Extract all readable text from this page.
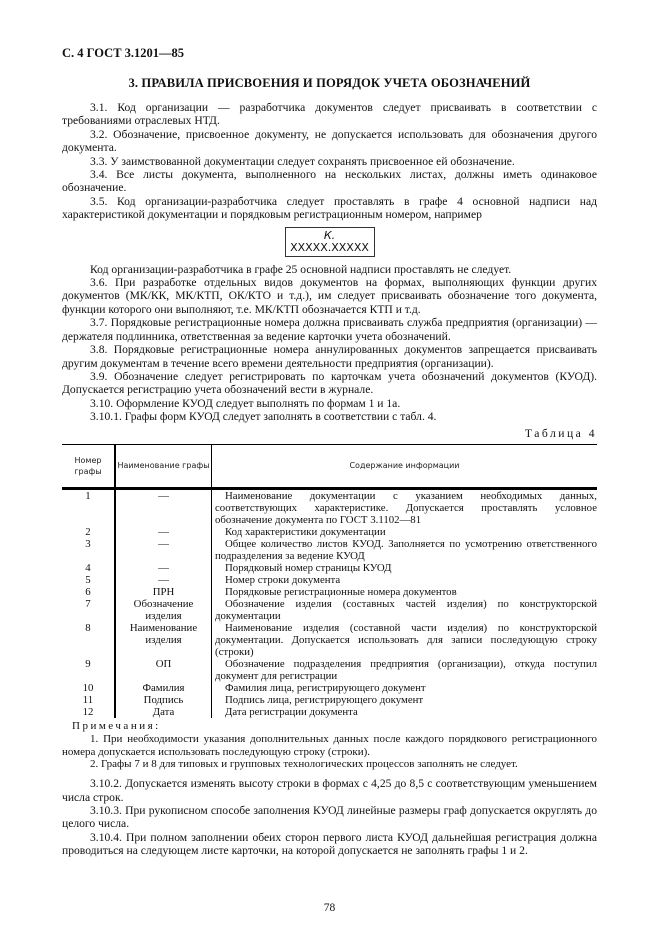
С. 4 ГОСТ 3.1201—85
3. ПРАВИЛА ПРИСВОЕНИЯ И ПОРЯДОК УЧЕТА ОБОЗНАЧЕНИЙ

3.1. Код организации — разработчика документов следует присваивать в соответствии с требованиями отраслевых НТД.

3.2. Обозначение, присвоенное документу, не допускается использовать для обозначения другого документа.

3.3. У заимствованной документации следует сохранять присвоенное ей обозначение.

3.4. Все листы документа, выполненного на нескольких листах, должны иметь одинаковое обозначение.

3.5. Код организации-разработчика следует проставлять в графе 4 основной надписи над характеристикой документации и порядковым регистрационным номером, например

К.
XXXXX.XXXXX

Код организации-разработчика в графе 25 основной надписи проставлять не следует.

3.6. При разработке отдельных видов документов на формах, выполняющих функции других документов (МК/КК, МК/КТП, ОК/КТО и т.д.), им следует присваивать обозначение того документа, функции которого они выполняют, т.е. МК/КТП обозначается КТП и т.д.

3.7. Порядковые регистрационные номера должна присваивать служба предприятия (организации) — держателя подлинника, ответственная за ведение карточки учета обозначений.

3.8. Порядковые регистрационные номера аннулированных документов запрещается присваивать другим документам в течение всего времени деятельности предприятия (организации).

3.9. Обозначение следует регистрировать по карточкам учета обозначений документов (КУОД). Допускается регистрацию учета обозначений вести в журнале.

3.10. Оформление КУОД следует выполнять по формам 1 и 1а.

3.10.1. Графы форм КУОД следует заполнять в соответствии с табл. 4.

Таблица 4
Номер графы	Наименование графы	Содержание информации
1	—	Наименование документации с указанием необходимых данных, соответствующих характеристике. Допускается проставлять условное обозначение документа по ГОСТ 3.1102—81

2	—	Код характеристики документации

3	—	Общее количество листов КУОД. Заполняется по усмотрению ответственного подразделения за ведение КУОД

4	—	Порядковый номер страницы КУОД

5	—	Номер строки документа

6	ПРН	Порядковые регистрационные номера документов

7	Обозначение изделия	Обозначение изделия (составных частей изделия) по конструкторской документации

8	Наименование изделия	Наименование изделия (составной части изделия) по конструкторской документации. Допускается использовать для записи последующую строку (строки)

9	ОП	Обозначение подразделения предприятия (организации), откуда поступил документ для регистрации

10	Фамилия	Фамилия лица, регистрирующего документ

11	Подпись	Подпись лица, регистрирующего документ

12	Дата	Дата регистрации документа
Примечания:

1. При необходимости указания дополнительных данных после каждого порядкового регистрационного номера допускается использовать последующую строку (строки).

2. Графы 7 и 8 для типовых и групповых технологических процессов заполнять не следует.

3.10.2. Допускается изменять высоту строки в формах с 4,25 до 8,5 с соответствующим уменьшением числа строк.

3.10.3. При рукописном способе заполнения КУОД линейные размеры граф допускается округлять до целого числа.

3.10.4. При полном заполнении обеих сторон первого листа КУОД дальнейшая регистрация должна проводиться на следующем листе карточки, на которой допускается не заполнять графы 1 и 2.

78
